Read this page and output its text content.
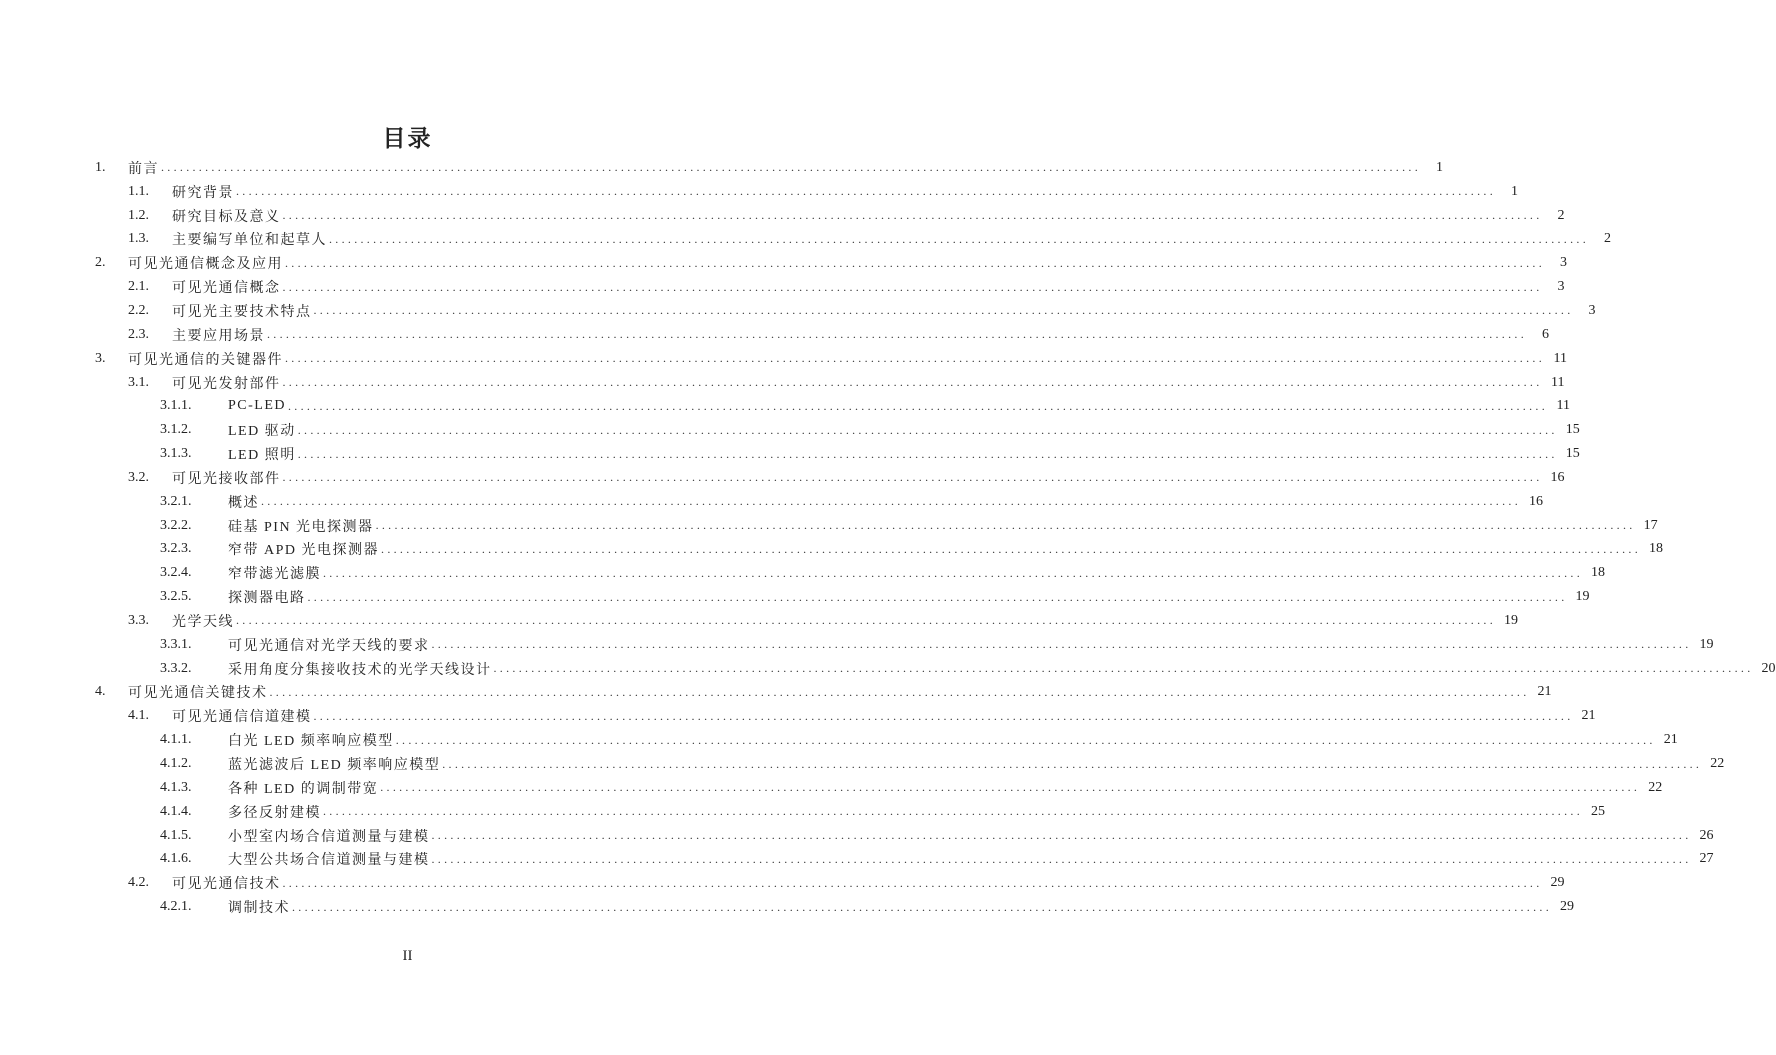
目录
1.	前言 ........................................................................................................................................................................................................	1
1.1.	研究背景 ........................................................................................................................................................................................................	1
1.2.	研究目标及意义 ........................................................................................................................................................................................................	2
1.3.	主要编写单位和起草人 ........................................................................................................................................................................................................	2
2.	可见光通信概念及应用 ........................................................................................................................................................................................................	3
2.1.	可见光通信概念 ........................................................................................................................................................................................................	3
2.2.	可见光主要技术特点 ........................................................................................................................................................................................................	3
2.3.	主要应用场景 ........................................................................................................................................................................................................	6
3.	可见光通信的关键器件 ........................................................................................................................................................................................................ 11
3.1.	可见光发射部件 ........................................................................................................................................................................................................ 11
3.1.1.	PC-LED ........................................................................................................................................................................................................ 11
3.1.2.	LED 驱动 ........................................................................................................................................................................................................ 15
3.1.3.	LED 照明 ........................................................................................................................................................................................................ 15
3.2.	可见光接收部件 ........................................................................................................................................................................................................ 16
3.2.1.	概述 ........................................................................................................................................................................................................ 16
3.2.2.	硅基 PIN 光电探测器 ........................................................................................................................................................................................................ 17
3.2.3.	窄带 APD 光电探测器 ........................................................................................................................................................................................................ 18
3.2.4.	窄带滤光滤膜 ........................................................................................................................................................................................................ 18
3.2.5.	探测器电路 ........................................................................................................................................................................................................ 19
3.3.	光学天线 ........................................................................................................................................................................................................ 19
3.3.1.	可见光通信对光学天线的要求 ........................................................................................................................................................................................................ 19
3.3.2.	采用角度分集接收技术的光学天线设计 ........................................................................................................................................................................................................ 20
4.	可见光通信关键技术 ........................................................................................................................................................................................................ 21
4.1.	可见光通信信道建模 ........................................................................................................................................................................................................ 21
4.1.1.	白光 LED 频率响应模型 ........................................................................................................................................................................................................ 21
4.1.2.	蓝光滤波后 LED 频率响应模型 ........................................................................................................................................................................................................ 22
4.1.3.	各种 LED 的调制带宽 ........................................................................................................................................................................................................ 22
4.1.4.	多径反射建模 ........................................................................................................................................................................................................ 25
4.1.5.	小型室内场合信道测量与建模 ........................................................................................................................................................................................................ 26
4.1.6.	大型公共场合信道测量与建模 ........................................................................................................................................................................................................ 27
4.2.	可见光通信技术 ........................................................................................................................................................................................................ 29
4.2.1.	调制技术 ........................................................................................................................................................................................................ 29
II
